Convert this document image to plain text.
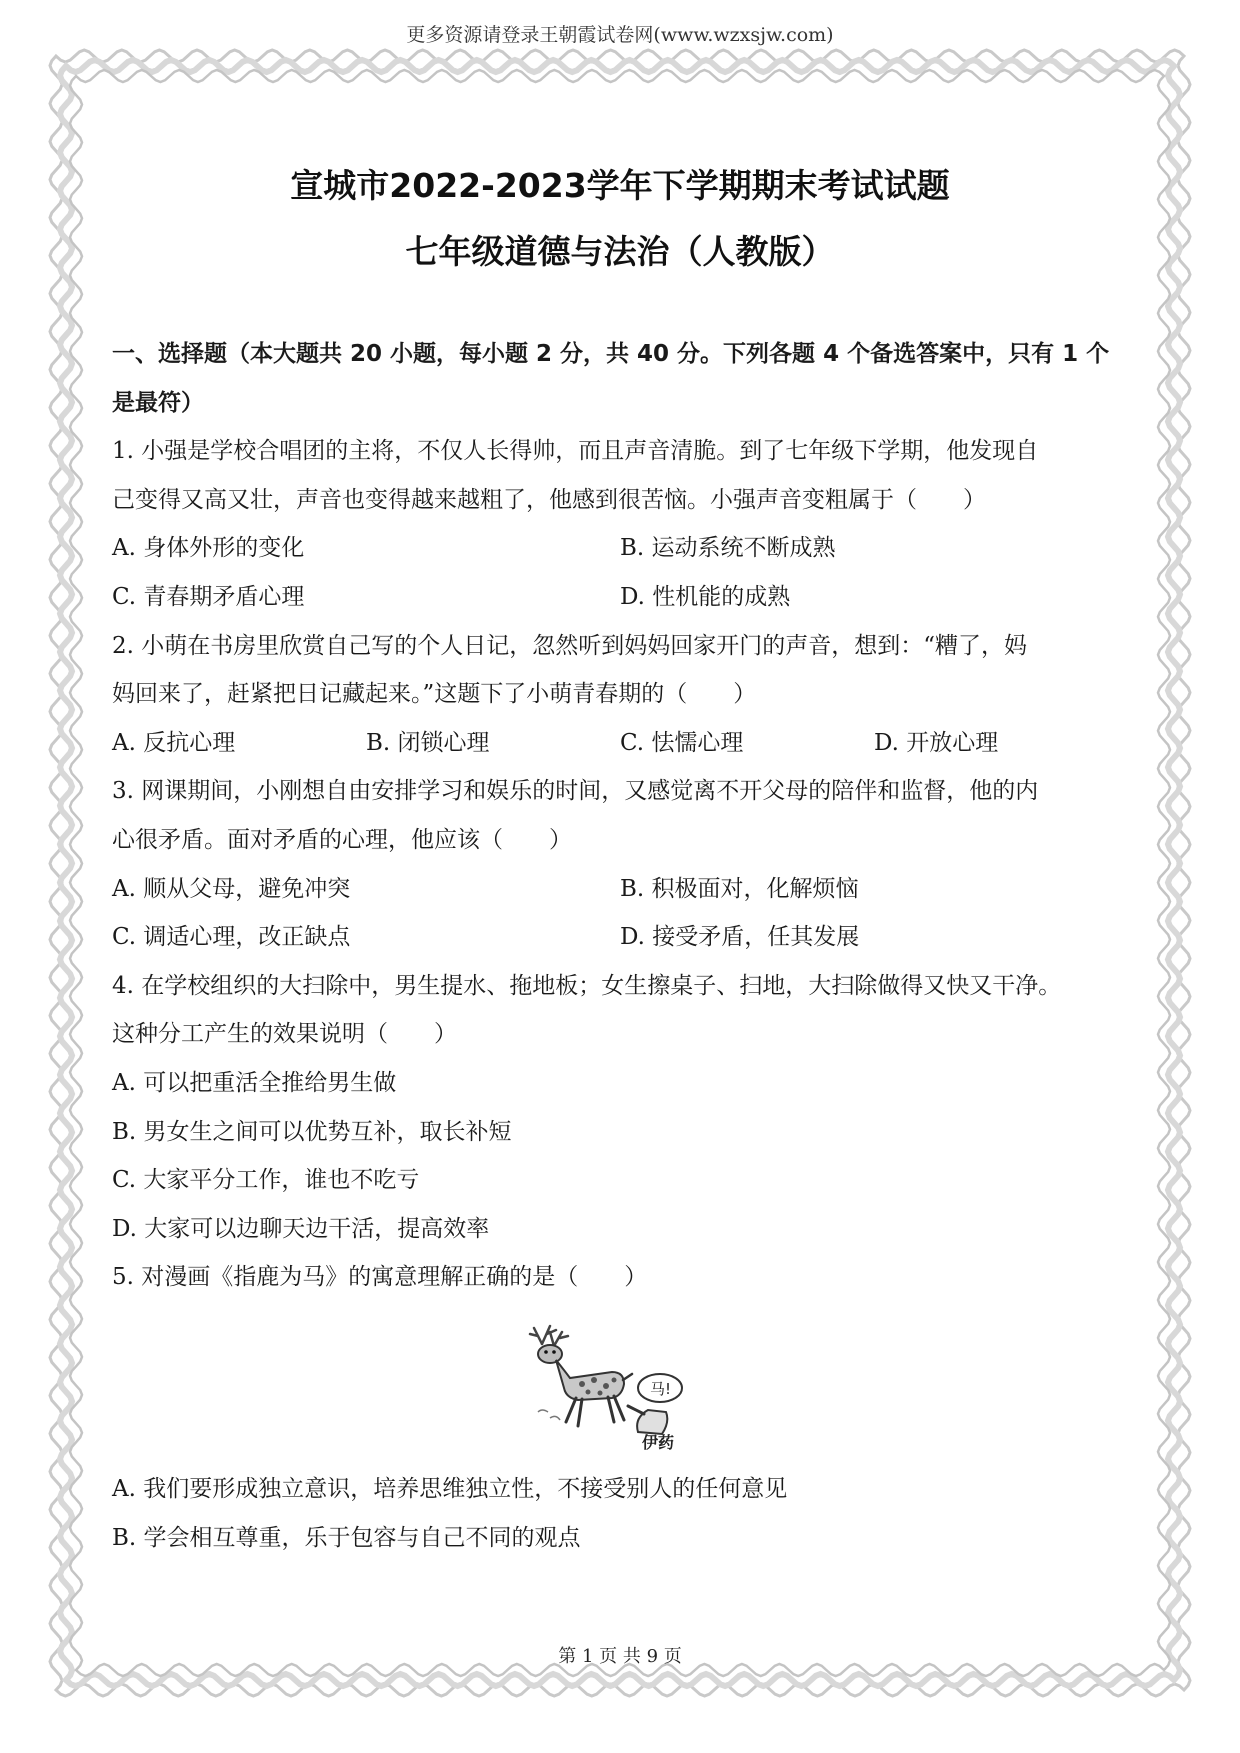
更多资源请登录王朝霞试卷网(www.wzxsjw.com)
宣城市2022-2023学年下学期期末考试试题
七年级道德与法治（人教版）
一、选择题（本大题共 20 小题，每小题 2 分，共 40 分。下列各题 4 个备选答案中，只有 1 个
是最符）
1. 小强是学校合唱团的主将，不仅人长得帅，而且声音清脆。到了七年级下学期，他发现自
己变得又高又壮，声音也变得越来越粗了，他感到很苦恼。小强声音变粗属于（　　）
A. 身体外形的变化	B. 运动系统不断成熟
C. 青春期矛盾心理	D. 性机能的成熟
2. 小萌在书房里欣赏自己写的个人日记，忽然听到妈妈回家开门的声音，想到：“糟了，妈
妈回来了，赶紧把日记藏起来。”这题下了小萌青春期的（　　）
A. 反抗心理	B. 闭锁心理	C. 怯懦心理	D. 开放心理
3. 网课期间，小刚想自由安排学习和娱乐的时间，又感觉离不开父母的陪伴和监督，他的内
心很矛盾。面对矛盾的心理，他应该（　　）
A. 顺从父母，避免冲突	B. 积极面对，化解烦恼
C. 调适心理，改正缺点	D. 接受矛盾，任其发展
4. 在学校组织的大扫除中，男生提水、拖地板；女生擦桌子、扫地，大扫除做得又快又干净。
这种分工产生的效果说明（　　）
A. 可以把重活全推给男生做
B. 男女生之间可以优势互补，取长补短
C. 大家平分工作，谁也不吃亏
D. 大家可以边聊天边干活，提高效率
5. 对漫画《指鹿为马》的寓意理解正确的是（　　）
马!
伊药
A. 我们要形成独立意识，培养思维独立性，不接受别人的任何意见
B. 学会相互尊重，乐于包容与自己不同的观点
第 1 页 共 9 页
